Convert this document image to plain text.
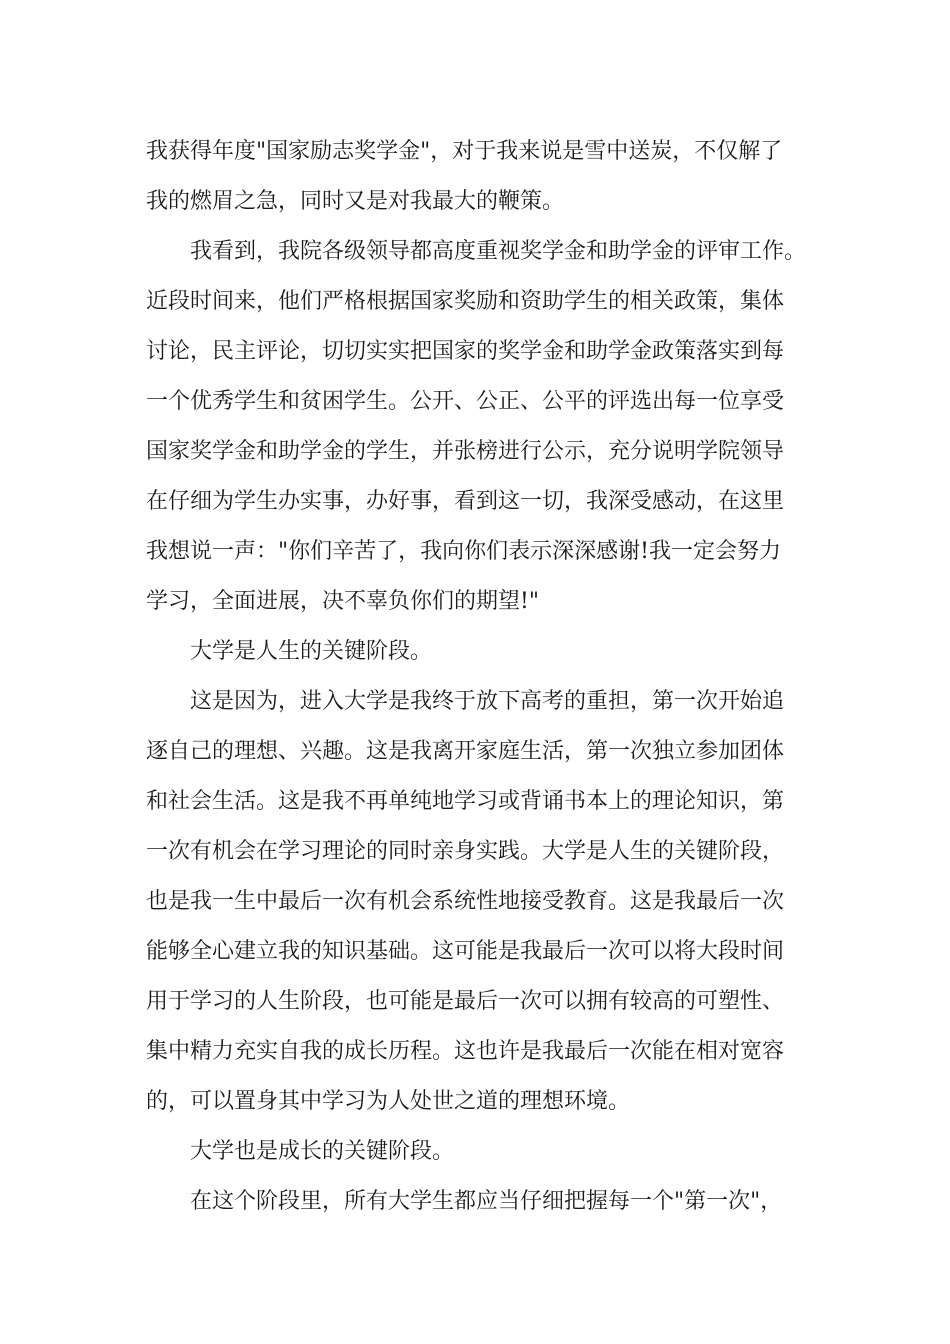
我获得年度"国家励志奖学金"，对于我来说是雪中送炭，不仅解了
我的燃眉之急，同时又是对我最大的鞭策。
我看到，我院各级领导都高度重视奖学金和助学金的评审工作。
近段时间来，他们严格根据国家奖励和资助学生的相关政策，集体
讨论，民主评论，切切实实把国家的奖学金和助学金政策落实到每
一个优秀学生和贫困学生。公开、公正、公平的评选出每一位享受
国家奖学金和助学金的学生，并张榜进行公示，充分说明学院领导
在仔细为学生办实事，办好事，看到这一切，我深受感动，在这里
我想说一声："你们辛苦了，我向你们表示深深感谢!我一定会努力
学习，全面进展，决不辜负你们的期望!"
大学是人生的关键阶段。
这是因为，进入大学是我终于放下高考的重担，第一次开始追
逐自己的理想、兴趣。这是我离开家庭生活，第一次独立参加团体
和社会生活。这是我不再单纯地学习或背诵书本上的理论知识，第
一次有机会在学习理论的同时亲身实践。大学是人生的关键阶段，
也是我一生中最后一次有机会系统性地接受教育。这是我最后一次
能够全心建立我的知识基础。这可能是我最后一次可以将大段时间
用于学习的人生阶段，也可能是最后一次可以拥有较高的可塑性、
集中精力充实自我的成长历程。这也许是我最后一次能在相对宽容
的，可以置身其中学习为人处世之道的理想环境。
大学也是成长的关键阶段。
在这个阶段里，所有大学生都应当仔细把握每一个"第一次"，
